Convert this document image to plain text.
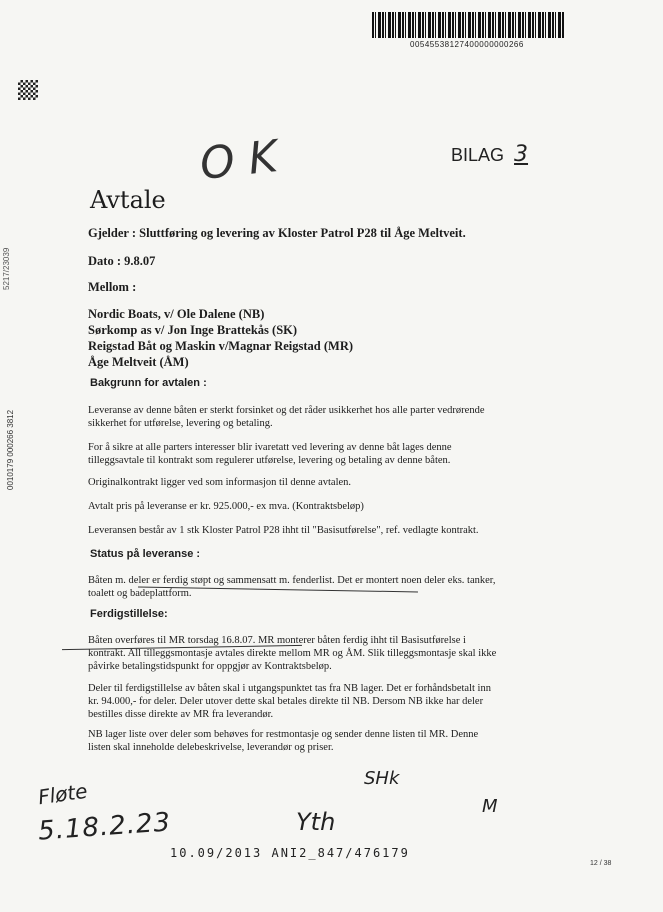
00545538127400000000266
5217/23039
0010179 000266 3812
O K	BILAG 3
Avtale
Gjelder : Sluttføring og levering av Kloster Patrol P28 til Åge Meltveit.
Dato : 9.8.07
Mellom :
Nordic Boats, v/ Ole Dalene (NB)
Sørkomp as v/ Jon Inge Brattekås (SK)
Reigstad Båt og Maskin v/Magnar Reigstad (MR)
Åge Meltveit (ÅM)
Bakgrunn for avtalen :
Leveranse av denne båten er sterkt forsinket og det råder usikkerhet hos alle parter vedrørende sikkerhet for utførelse, levering og betaling.
For å sikre at alle parters interesser blir ivaretatt ved levering av denne båt lages denne tilleggsavtale til kontrakt som regulerer utførelse, levering og betaling av denne båten.
Originalkontrakt ligger ved som informasjon til denne avtalen.
Avtalt pris på leveranse er kr. 925.000,- ex mva. (Kontraktsbeløp)
Leveransen består av 1 stk Kloster Patrol P28 ihht til "Basisutførelse", ref. vedlagte kontrakt.
Status på leveranse :
Båten m. deler er ferdig støpt og sammensatt m. fenderlist. Det er montert noen deler eks. tanker, toalett og badeplattform.
Ferdigstillelse:
Båten overføres til MR torsdag 16.8.07. MR monterer båten ferdig ihht til Basisutførelse i kontrakt. All tilleggsmontasje avtales direkte mellom MR og ÅM. Slik tilleggsmontasje skal ikke påvirke betalingstidspunkt for oppgjør av Kontraktsbeløp.
Deler til ferdigstillelse av båten skal i utgangspunktet tas fra NB lager. Det er forhåndsbetalt inn kr. 94.000,- for deler. Deler utover dette skal betales direkte til NB. Dersom NB ikke har deler bestilles disse direkte av MR fra leverandør.
NB lager liste over deler som behøves for restmontasje og sender denne listen til MR. Denne listen skal inneholde delebeskrivelse, leverandør og priser.
Fløte
5.18.2.23	Yth
SHk
M
10.09/2013 ANI2_847/476179
12 / 38
